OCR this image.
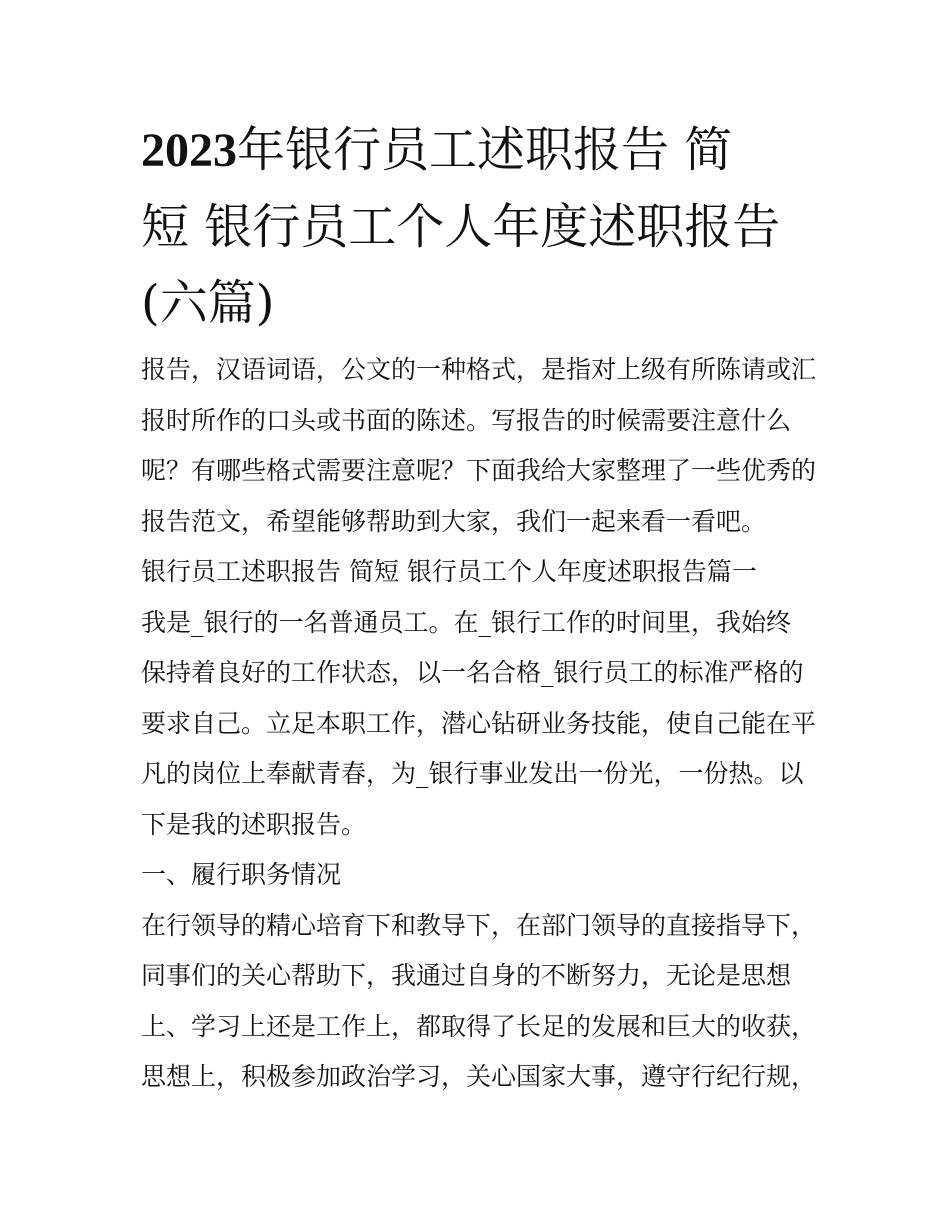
2023年银行员工述职报告 简
短 银行员工个人年度述职报告
(六篇)
报告，汉语词语，公文的一种格式，是指对上级有所陈请或汇
报时所作的口头或书面的陈述。写报告的时候需要注意什么
呢？有哪些格式需要注意呢？下面我给大家整理了一些优秀的
报告范文，希望能够帮助到大家，我们一起来看一看吧。
银行员工述职报告 简短 银行员工个人年度述职报告篇一
我是_银行的一名普通员工。在_银行工作的时间里，我始终
保持着良好的工作状态，以一名合格_银行员工的标准严格的
要求自己。立足本职工作，潜心钻研业务技能，使自己能在平
凡的岗位上奉献青春，为_银行事业发出一份光，一份热。以
下是我的述职报告。
一、履行职务情况
在行领导的精心培育下和教导下，在部门领导的直接指导下，
同事们的关心帮助下，我通过自身的不断努力，无论是思想
上、学习上还是工作上，都取得了长足的发展和巨大的收获，
思想上，积极参加政治学习，关心国家大事，遵守行纪行规，
